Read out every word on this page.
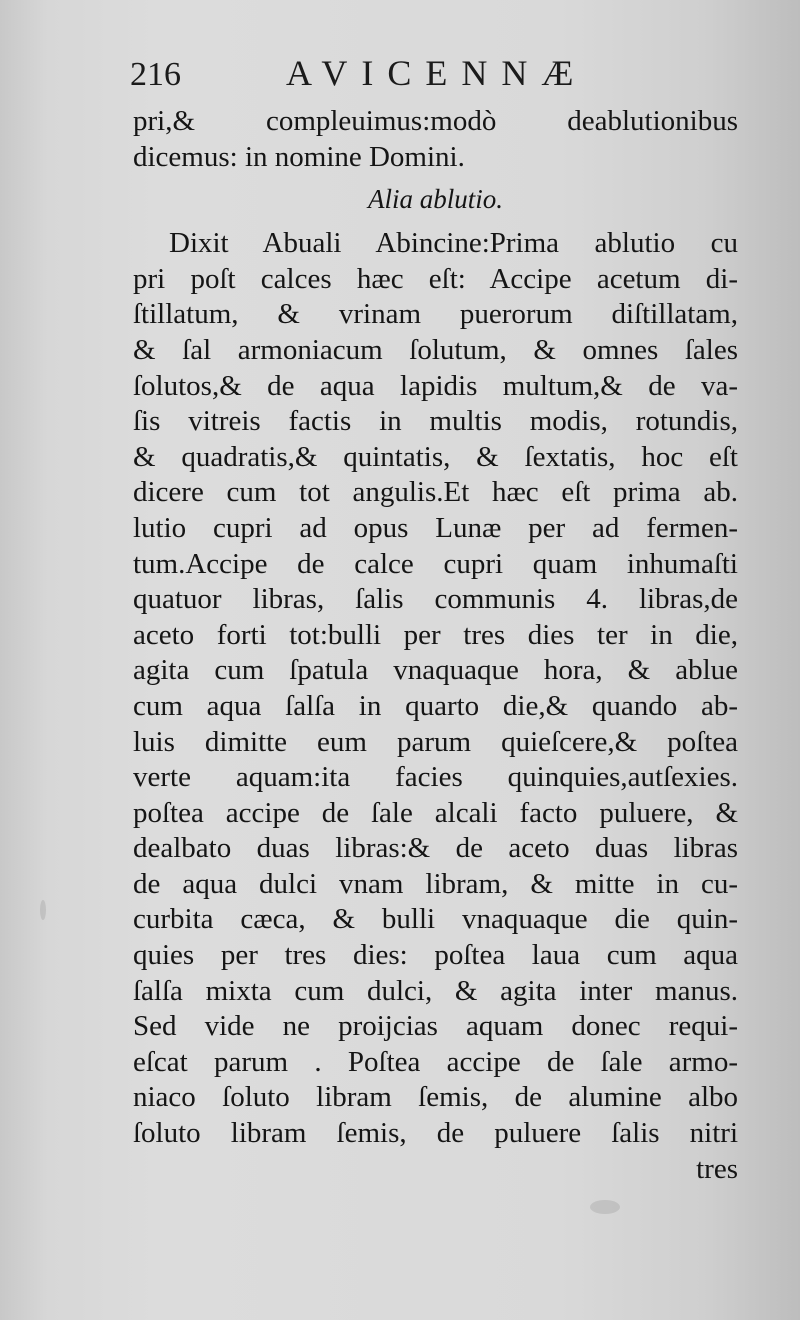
216	AVICENNÆ
pri,& compleuimus:modò deablutionibus
dicemus: in nomine Domini.
Alia ablutio.
Dixit Abuali Abincine:Prima ablutio cu
pri poſt calces hæc eſt: Accipe acetum di-
ſtillatum, & vrinam puerorum diſtillatam,
& ſal armoniacum ſolutum, & omnes ſales
ſolutos,& de aqua lapidis multum,& de va-
ſis vitreis factis in multis modis, rotundis,
& quadratis,& quintatis, & ſextatis, hoc eſt
dicere cum tot angulis.Et hæc eſt prima ab.
lutio cupri ad opus Lunæ per ad fermen-
tum.Accipe de calce cupri quam inhumaſti
quatuor libras, ſalis communis 4. libras,de
aceto forti tot:bulli per tres dies ter in die,
agita cum ſpatula vnaquaque hora, & ablue
cum aqua ſalſa in quarto die,& quando ab-
luis dimitte eum parum quieſcere,& poſtea
verte aquam:ita facies quinquies,autſexies.
poſtea accipe de ſale alcali facto puluere, &
dealbato duas libras:& de aceto duas libras
de aqua dulci vnam libram, & mitte in cu-
curbita cæca, & bulli vnaquaque die quin-
quies per tres dies: poſtea laua cum aqua
ſalſa mixta cum dulci, & agita inter manus.
Sed vide ne proijcias aquam donec requi-
eſcat parum . Poſtea accipe de ſale armo-
niaco ſoluto libram ſemis, de alumine albo
ſoluto libram ſemis, de puluere ſalis nitri
tres
